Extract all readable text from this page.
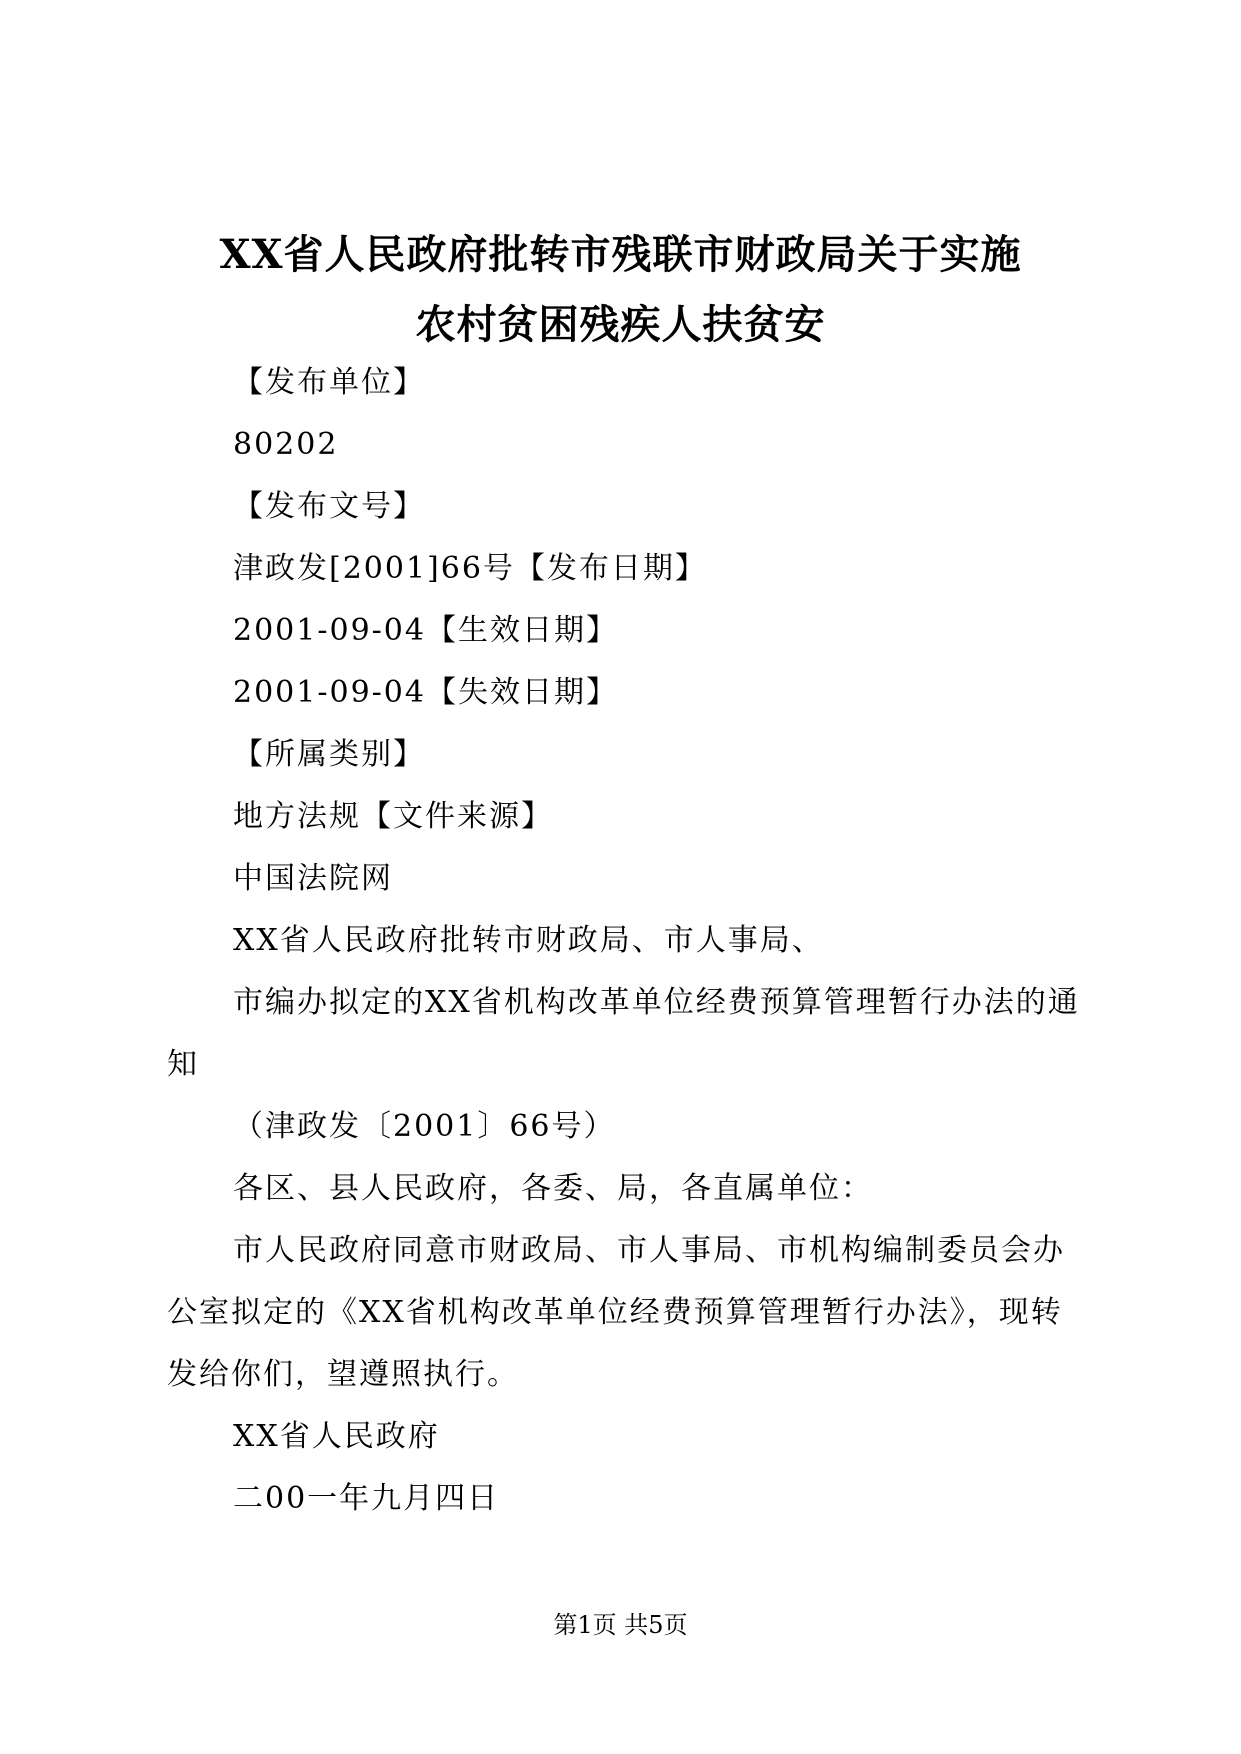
XX省人民政府批转市残联市财政局关于实施
农村贫困残疾人扶贫安

【发布单位】

80202

【发布文号】

津政发[2001]66号【发布日期】

2001-09-04【生效日期】

2001-09-04【失效日期】

【所属类别】

地方法规【文件来源】

中国法院网

XX省人民政府批转市财政局、市人事局、

市编办拟定的XX省机构改革单位经费预算管理暂行办法的通知

（津政发〔2001〕66号）

各区、县人民政府，各委、局，各直属单位：

市人民政府同意市财政局、市人事局、市机构编制委员会办公室拟定的《XX省机构改革单位经费预算管理暂行办法》，现转发给你们，望遵照执行。

XX省人民政府

二00一年九月四日

第1页 共5页
